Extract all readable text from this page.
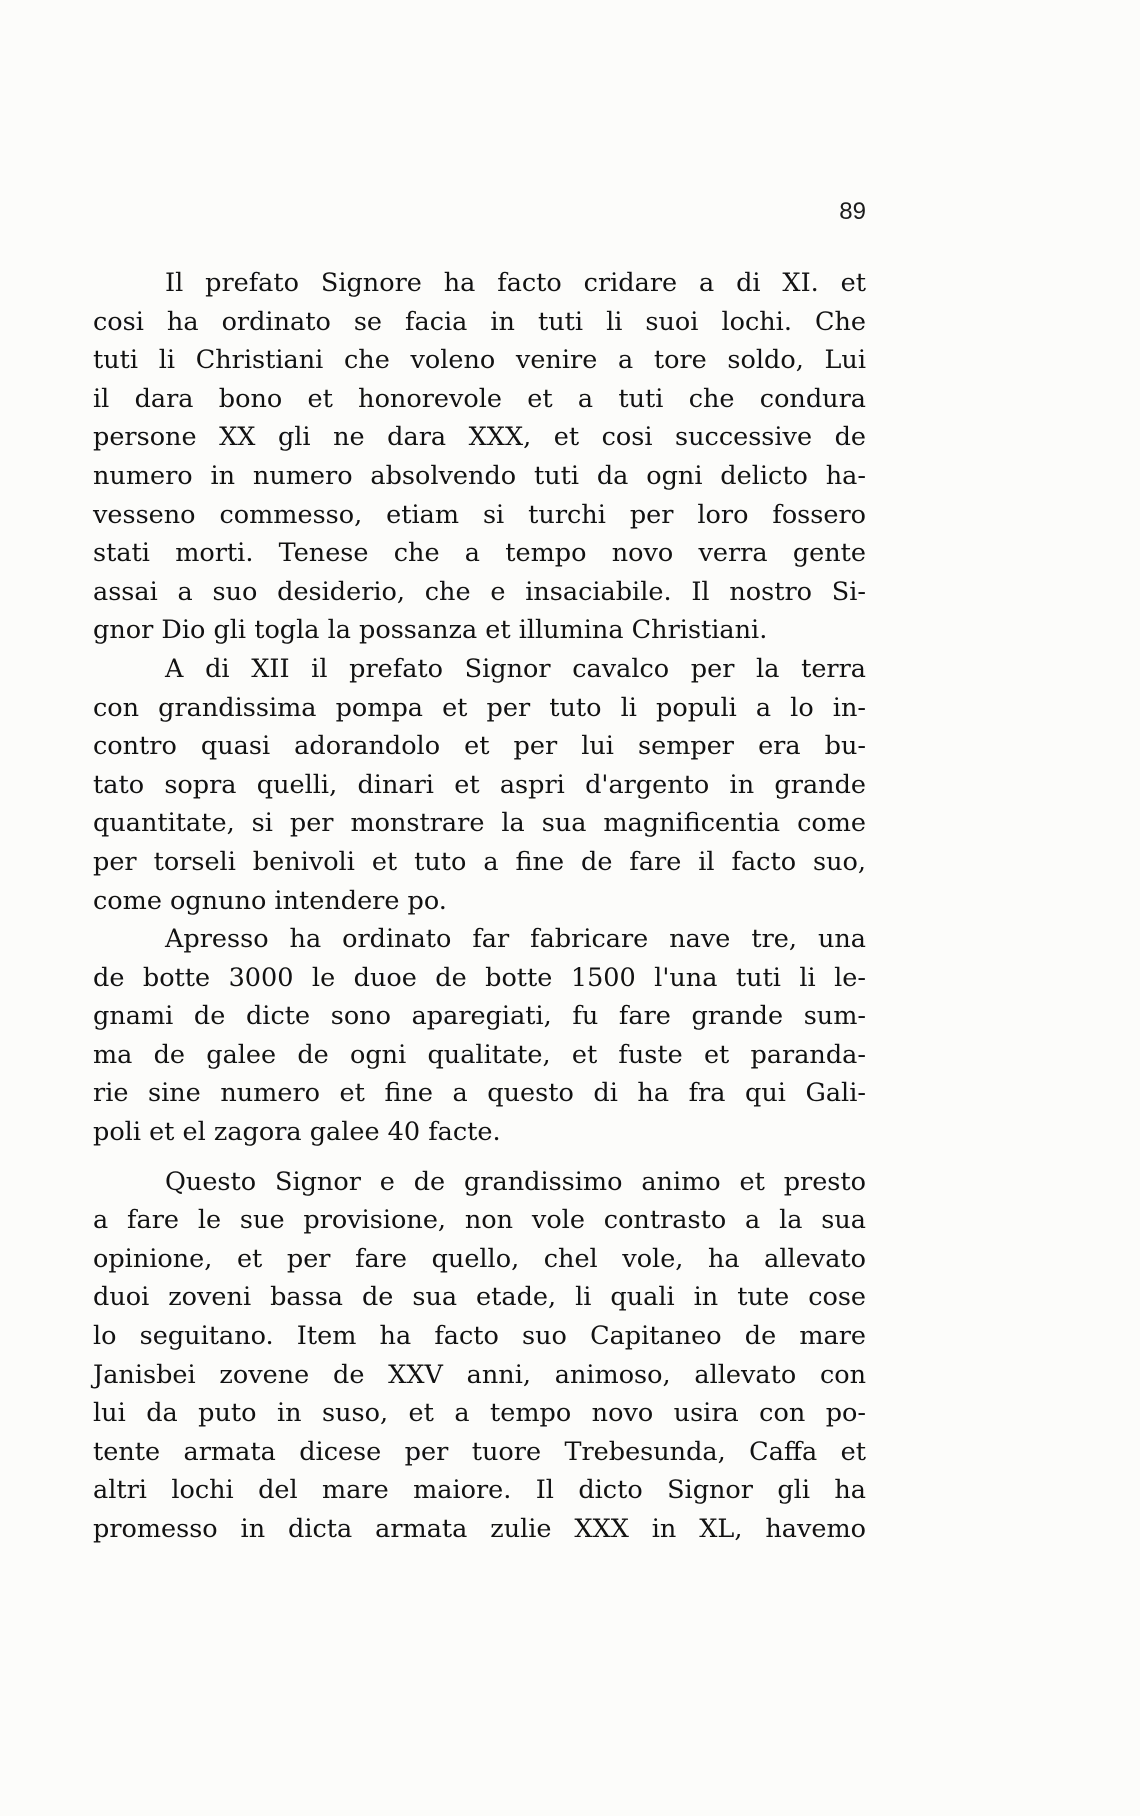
89
Il prefato Signore ha facto cridare a di XI. et
cosi ha ordinato se facia in tuti li suoi lochi. Che
tuti li Christiani che voleno venire a tore soldo, Lui
il dara bono et honorevole et a tuti che condura
persone XX gli ne dara XXX, et cosi successive de
numero in numero absolvendo tuti da ogni delicto ha-
vesseno commesso, etiam si turchi per loro fossero
stati morti. Tenese che a tempo novo verra gente
assai a suo desiderio, che e insaciabile. Il nostro Si-
gnor Dio gli togla la possanza et illumina Christiani.
A di XII il prefato Signor cavalco per la terra
con grandissima pompa et per tuto li populi a lo in-
contro quasi adorandolo et per lui semper era bu-
tato sopra quelli, dinari et aspri d'argento in grande
quantitate, si per monstrare la sua magnificentia come
per torseli benivoli et tuto a fine de fare il facto suo,
come ognuno intendere po.
Apresso ha ordinato far fabricare nave tre, una
de botte 3000 le duoe de botte 1500 l'una tuti li le-
gnami de dicte sono aparegiati, fu fare grande sum-
ma de galee de ogni qualitate, et fuste et paranda-
rie sine numero et fine a questo di ha fra qui Gali-
poli et el zagora galee 40 facte.
Questo Signor e de grandissimo animo et presto
a fare le sue provisione, non vole contrasto a la sua
opinione, et per fare quello, chel vole, ha allevato
duoi zoveni bassa de sua etade, li quali in tute cose
lo seguitano. Item ha facto suo Capitaneo de mare
Janisbei zovene de XXV anni, animoso, allevato con
lui da puto in suso, et a tempo novo usira con po-
tente armata dicese per tuore Trebesunda, Caffa et
altri lochi del mare maiore. Il dicto Signor gli ha
promesso in dicta armata zulie XXX in XL, havemo
